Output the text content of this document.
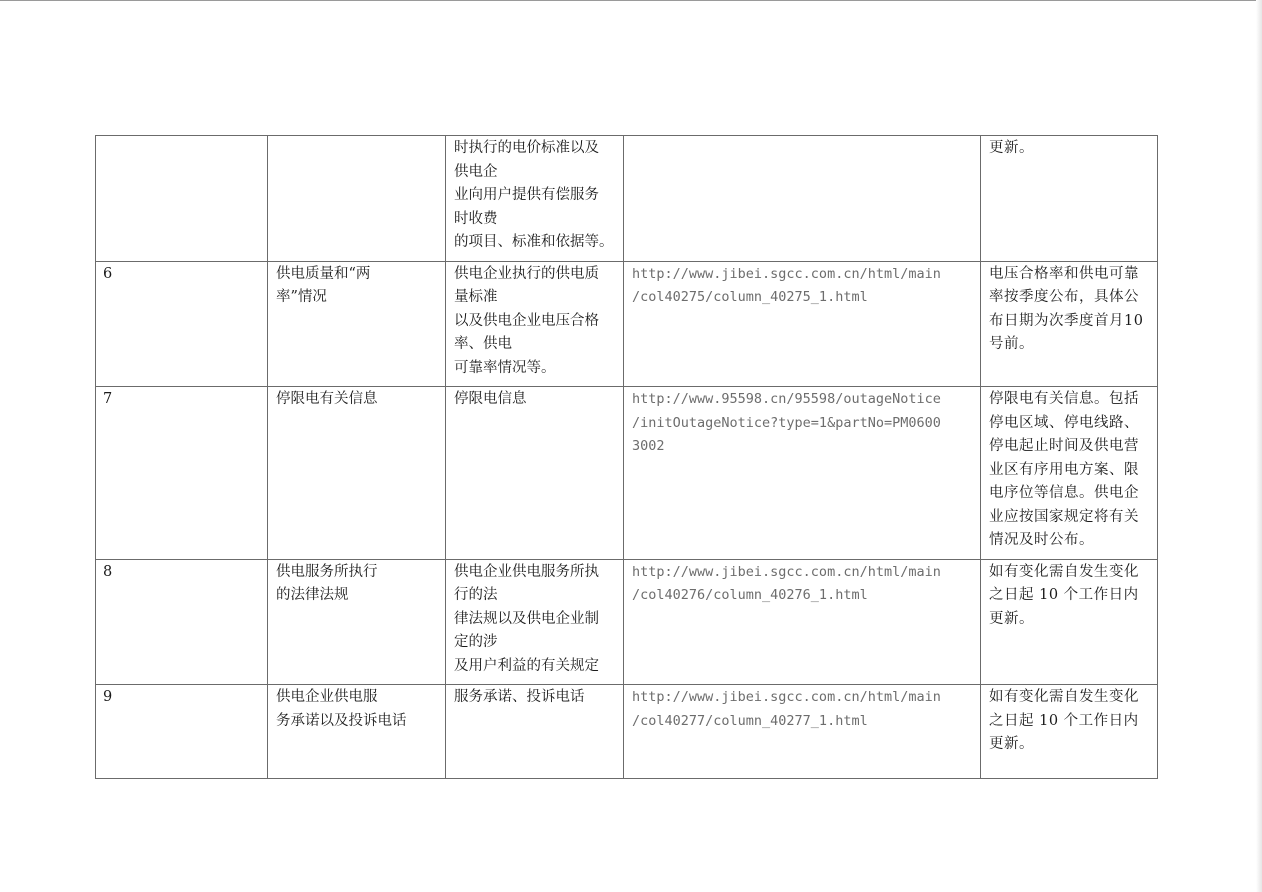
		时执行的电价标准以及
供电企
业向用户提供有偿服务
时收费
的项目、标准和依据等。		更新。
6	供电质量和“两
率”情况	供电企业执行的供电质
量标准
以及供电企业电压合格
率、供电
可靠率情况等。	http://www.jibei.sgcc.com.cn/html/main
/col40275/column_40275_1.html	电压合格率和供电可靠率按季度公布，具体公布日期为次季度首月10号前。
7	停限电有关信息	停限电信息	http://www.95598.cn/95598/outageNotice
/initOutageNotice?type=1&partNo=PM0600
3002	停限电有关信息。包括停电区域、停电线路、停电起止时间及供电营业区有序用电方案、限电序位等信息。供电企业应按国家规定将有关情况及时公布。
8	供电服务所执行
的法律法规	供电企业供电服务所执
行的法
律法规以及供电企业制
定的涉
及用户利益的有关规定	http://www.jibei.sgcc.com.cn/html/main
/col40276/column_40276_1.html	如有变化需自发生变化之日起 10 个工作日内更新。
9	供电企业供电服
务承诺以及投诉电话	服务承诺、投诉电话	http://www.jibei.sgcc.com.cn/html/main
/col40277/column_40277_1.html	如有变化需自发生变化之日起 10 个工作日内更新。
